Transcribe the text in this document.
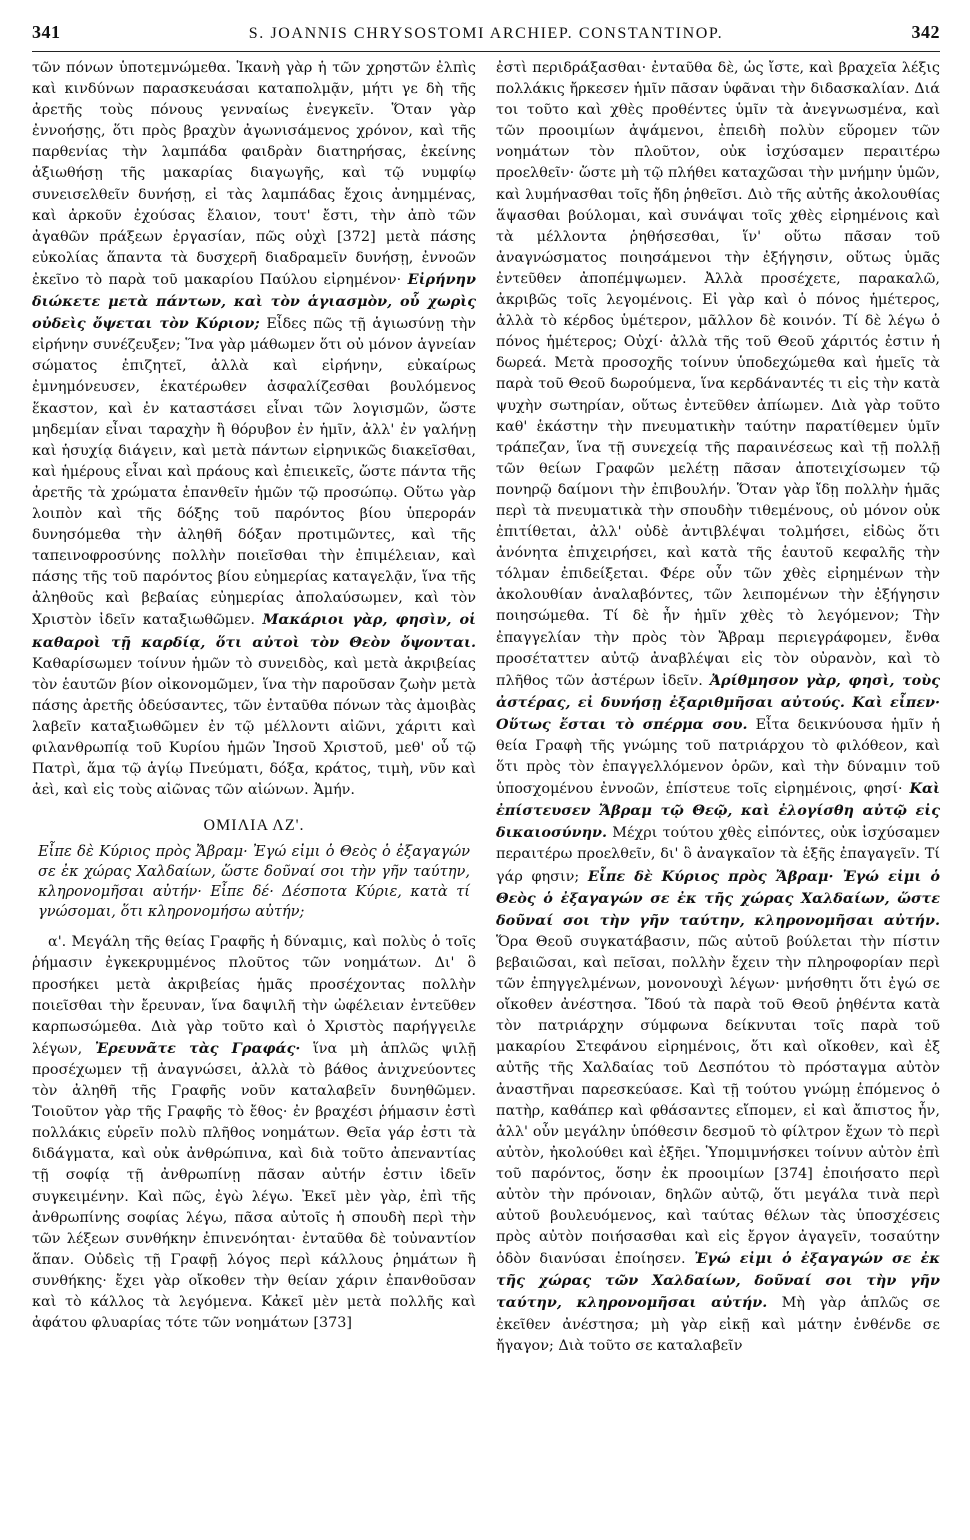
341	S. JOANNIS CHRYSOSTOMI ARCHIEP. CONSTANTINOP.	342

τῶν πόνων ὑποτεμνώμεθα. Ἱκανὴ γὰρ ἡ τῶν χρηστῶν ἐλπὶς καὶ κινδύνων παρασκευάσαι καταπολμᾷν, μήτι γε δὴ τῆς ἀρετῆς τοὺς πόνους γενναίως ἐνεγκεῖν. Ὅταν γὰρ ἐννοήσῃς, ὅτι πρὸς βραχὺν ἀγωνισάμενος χρόνον, καὶ τῆς παρθενίας τὴν λαμπάδα φαιδρὰν διατηρήσας, ἐκείνης ἀξιωθήσῃ τῆς μακαρίας διαγωγῆς, καὶ τῷ νυμφίῳ συνεισελθεῖν δυνήσῃ, εἰ τὰς λαμπάδας ἔχοις ἀνημμένας, καὶ ἀρκοῦν ἐχούσας ἔλαιον, τουτ' ἔστι, τὴν ἀπὸ τῶν ἀγαθῶν πράξεων ἐργασίαν, πῶς οὐχὶ [372] μετὰ πάσης εὐκολίας ἅπαντα τὰ δυσχερῆ διαδραμεῖν δυνήσῃ, ἐννοῶν ἐκεῖνο τὸ παρὰ τοῦ μακαρίου Παύλου εἰρημένον· Εἰρήνην διώκετε μετὰ πάντων, καὶ τὸν ἁγιασμὸν, οὗ χωρὶς οὐδεὶς ὄψεται τὸν Κύριον; Εἶδες πῶς τῇ ἁγιωσύνῃ τὴν εἰρήνην συνέζευξεν; Ἵνα γὰρ μάθωμεν ὅτι οὐ μόνον ἁγνείαν σώματος ἐπιζητεῖ, ἀλλὰ καὶ εἰρήνην, εὐκαίρως ἐμνημόνευσεν, ἑκατέρωθεν ἀσφαλίζεσθαι βουλόμενος ἕκαστον, καὶ ἐν καταστάσει εἶναι τῶν λογισμῶν, ὥστε μηδεμίαν εἶναι ταραχὴν ἢ θόρυβον ἐν ἡμῖν, ἀλλ' ἐν γαλήνῃ καὶ ἡσυχίᾳ διάγειν, καὶ μετὰ πάντων εἰρηνικῶς διακεῖσθαι, καὶ ἡμέρους εἶναι καὶ πράους καὶ ἐπιεικεῖς, ὥστε πάντα τῆς ἀρετῆς τὰ χρώματα ἐπανθεῖν ἡμῶν τῷ προσώπῳ. Οὕτω γὰρ λοιπὸν καὶ τῆς δόξης τοῦ παρόντος βίου ὑπεροράν δυνησόμεθα τὴν ἀληθῆ δόξαν προτιμῶντες, καὶ τῆς ταπεινοφροσύνης πολλὴν ποιεῖσθαι τὴν ἐπιμέλειαν, καὶ πάσης τῆς τοῦ παρόντος βίου εὐημερίας καταγελᾷν, ἵνα τῆς ἀληθοῦς καὶ βεβαίας εὐημερίας ἀπολαύσωμεν, καὶ τὸν Χριστὸν ἰδεῖν καταξιωθῶμεν. Μακάριοι γὰρ, φησὶν, οἱ καθαροὶ τῇ καρδίᾳ, ὅτι αὐτοὶ τὸν Θεὸν ὄψονται. Καθαρίσωμεν τοίνυν ἡμῶν τὸ συνειδὸς, καὶ μετὰ ἀκριβείας τὸν ἑαυτῶν βίον οἰκονομῶμεν, ἵνα τὴν παροῦσαν ζωὴν μετὰ πάσης ἀρετῆς ὁδεύσαντες, τῶν ἐνταῦθα πόνων τὰς ἀμοιβὰς λαβεῖν καταξιωθῶμεν ἐν τῷ μέλλοντι αἰῶνι, χάριτι καὶ φιλανθρωπίᾳ τοῦ Κυρίου ἡμῶν Ἰησοῦ Χριστοῦ, μεθ' οὗ τῷ Πατρὶ, ἅμα τῷ ἁγίῳ Πνεύματι, δόξα, κράτος, τιμὴ, νῦν καὶ ἀεὶ, καὶ εἰς τοὺς αἰῶνας τῶν αἰώνων. Ἀμήν.

ΟΜΙΛΙΑ ΛΖ'.
Εἶπε δὲ Κύριος πρὸς Ἄβραμ· Ἐγώ εἰμι ὁ Θεὸς ὁ ἐξαγαγών σε ἐκ χώρας Χαλδαίων, ὥστε δοῦναί σοι τὴν γῆν ταύτην, κληρονομῆσαι αὐτήν· Εἶπε δέ· Δέσποτα Κύριε, κατὰ τί γνώσομαι, ὅτι κληρονομήσω αὐτήν;

α'. Μεγάλη τῆς θείας Γραφῆς ἡ δύναμις, καὶ πολὺς ὁ τοῖς ῥήμασιν ἐγκεκρυμμένος πλοῦτος τῶν νοημάτων. Δι' ὃ προσήκει μετὰ ἀκριβείας ἡμᾶς προσέχοντας πολλὴν ποιεῖσθαι τὴν ἔρευναν, ἵνα δαψιλῆ τὴν ὠφέλειαν ἐντεῦθεν καρπωσώμεθα. Διὰ γὰρ τοῦτο καὶ ὁ Χριστὸς παρήγγειλε λέγων, Ἐρευνᾶτε τὰς Γραφάς· ἵνα μὴ ἁπλῶς ψιλῇ προσέχωμεν τῇ ἀναγνώσει, ἀλλὰ τὸ βάθος ἀνιχνεύοντες τὸν ἀληθῆ τῆς Γραφῆς νοῦν καταλαβεῖν δυνηθῶμεν. Τοιοῦτον γὰρ τῆς Γραφῆς τὸ ἔθος· ἐν βραχέσι ῥήμασιν ἐστὶ πολλάκις εὑρεῖν πολὺ πλῆθος νοημάτων. Θεῖα γάρ ἐστι τὰ διδάγματα, καὶ οὐκ ἀνθρώπινα, καὶ διὰ τοῦτο ἀπεναντίας τῇ σοφίᾳ τῇ ἀνθρωπίνῃ πᾶσαν αὐτήν ἐστιν ἰδεῖν συγκειμένην. Καὶ πῶς, ἐγὼ λέγω. Ἐκεῖ μὲν γὰρ, ἐπὶ τῆς ἀνθρωπίνης σοφίας λέγω, πᾶσα αὐτοῖς ἡ σπουδὴ περὶ τὴν τῶν λέξεων συνθήκην ἐπινενόηται· ἐνταῦθα δὲ τοὐναντίον ἅπαν. Οὐδεὶς τῇ Γραφῇ λόγος περὶ κάλλους ῥημάτων ἢ συνθήκης· ἔχει γὰρ οἴκοθεν τὴν θείαν χάριν ἐπανθοῦσαν καὶ τὸ κάλλος τὰ λεγόμενα. Κἀκεῖ μὲν μετὰ πολλῆς καὶ ἀφάτου φλυαρίας τότε τῶν νοημάτων [373]

ἐστὶ περιδράξασθαι· ἐνταῦθα δὲ, ὡς ἴστε, καὶ βραχεῖα λέξις πολλάκις ἤρκεσεν ἡμῖν πᾶσαν ὑφᾶναι τὴν διδασκαλίαν. Διά τοι τοῦτο καὶ χθὲς προθέντες ὑμῖν τὰ ἀνεγνωσμένα, καὶ τῶν προοιμίων ἀψάμενοι, ἐπειδὴ πολὺν εὕρομεν τῶν νοημάτων τὸν πλοῦτον, οὐκ ἰσχύσαμεν περαιτέρω προελθεῖν· ὥστε μὴ τῷ πλήθει καταχῶσαι τὴν μνήμην ὑμῶν, καὶ λυμήνασθαι τοῖς ἤδη ῥηθεῖσι. Διὸ τῆς αὐτῆς ἀκολουθίας ἅψασθαι βούλομαι, καὶ συνάψαι τοῖς χθὲς εἰρημένοις καὶ τὰ μέλλοντα ῥηθήσεσθαι, ἵν' οὕτω πᾶσαν τοῦ ἀναγνώσματος ποιησάμενοι τὴν ἐξήγησιν, οὕτως ὑμᾶς ἐντεῦθεν ἀποπέμψωμεν. Ἀλλὰ προσέχετε, παρακαλῶ, ἀκριβῶς τοῖς λεγομένοις. Εἰ γὰρ καὶ ὁ πόνος ἡμέτερος, ἀλλὰ τὸ κέρδος ὑμέτερον, μᾶλλον δὲ κοινόν. Τί δὲ λέγω ὁ πόνος ἡμέτερος; Οὐχί· ἀλλὰ τῆς τοῦ Θεοῦ χάριτός ἐστιν ἡ δωρεά. Μετὰ προσοχῆς τοίνυν ὑποδεχώμεθα καὶ ἡμεῖς τὰ παρὰ τοῦ Θεοῦ δωρούμενα, ἵνα κερδάναντές τι εἰς τὴν κατὰ ψυχὴν σωτηρίαν, οὕτως ἐντεῦθεν ἀπίωμεν. Διὰ γὰρ τοῦτο καθ' ἑκάστην τὴν πνευματικὴν ταύτην παρατίθεμεν ὑμῖν τράπεζαν, ἵνα τῇ συνεχείᾳ τῆς παραινέσεως καὶ τῇ πολλῇ τῶν θείων Γραφῶν μελέτῃ πᾶσαν ἀποτειχίσωμεν τῷ πονηρῷ δαίμονι τὴν ἐπιβουλήν. Ὅταν γὰρ ἴδῃ πολλὴν ἡμᾶς περὶ τὰ πνευματικὰ τὴν σπουδὴν τιθεμένους, οὐ μόνον οὐκ ἐπιτίθεται, ἀλλ' οὐδὲ ἀντιβλέψαι τολμήσει, εἰδὼς ὅτι ἀνόνητα ἐπιχειρήσει, καὶ κατὰ τῆς ἑαυτοῦ κεφαλῆς τὴν τόλμαν ἐπιδείξεται. Φέρε οὖν τῶν χθὲς εἰρημένων τὴν ἀκολουθίαν ἀναλαβόντες, τῶν λειπομένων τὴν ἐξήγησιν ποιησώμεθα. Τί δὲ ἦν ἡμῖν χθὲς τὸ λεγόμενον; Τὴν ἐπαγγελίαν τὴν πρὸς τὸν Ἄβραμ περιεγράφομεν, ἔνθα προσέταττεν αὐτῷ ἀναβλέψαι εἰς τὸν οὐρανὸν, καὶ τὸ πλῆθος τῶν ἀστέρων ἰδεῖν. Ἀρίθμησον γὰρ, φησὶ, τοὺς ἀστέρας, εἰ δυνήσῃ ἐξαριθμῆσαι αὐτούς. Καὶ εἶπεν· Οὕτως ἔσται τὸ σπέρμα σου. Εἶτα δεικνύουσα ἡμῖν ἡ θεία Γραφὴ τῆς γνώμης τοῦ πατριάρχου τὸ φιλόθεον, καὶ ὅτι πρὸς τὸν ἐπαγγελλόμενον ὁρῶν, καὶ τὴν δύναμιν τοῦ ὑποσχομένου ἐννοῶν, ἐπίστευε τοῖς εἰρημένοις, φησί· Καὶ ἐπίστευσεν Ἄβραμ τῷ Θεῷ, καὶ ἐλογίσθη αὐτῷ εἰς δικαιοσύνην. Μέχρι τούτου χθὲς εἰπόντες, οὐκ ἰσχύσαμεν περαιτέρω προελθεῖν, δι' ὃ ἀναγκαῖον τὰ ἑξῆς ἐπαγαγεῖν. Τί γάρ φησιν; Εἶπε δὲ Κύριος πρὸς Ἄβραμ· Ἐγώ εἰμι ὁ Θεὸς ὁ ἐξαγαγών σε ἐκ τῆς χώρας Χαλδαίων, ὥστε δοῦναί σοι τὴν γῆν ταύτην, κληρονομῆσαι αὐτήν. Ὅρα Θεοῦ συγκατάβασιν, πῶς αὐτοῦ βούλεται τὴν πίστιν βεβαιῶσαι, καὶ πεῖσαι, πολλὴν ἔχειν τὴν πληροφορίαν περὶ τῶν ἐπηγγελμένων, μονονουχὶ λέγων· μνήσθητι ὅτι ἐγώ σε οἴκοθεν ἀνέστησα. Ἴδού τὰ παρὰ τοῦ Θεοῦ ῥηθέντα κατὰ τὸν πατριάρχην σύμφωνα δείκνυται τοῖς παρὰ τοῦ μακαρίου Στεφάνου εἰρημένοις, ὅτι καὶ οἴκοθεν, καὶ ἐξ αὐτῆς τῆς Χαλδαίας τοῦ Δεσπότου τὸ πρόσταγμα αὐτὸν ἀναστῆναι παρεσκεύασε. Καὶ τῇ τούτου γνώμῃ ἑπόμενος ὁ πατὴρ, καθάπερ καὶ φθάσαντες εἴπομεν, εἰ καὶ ἄπιστος ἦν, ἀλλ' οὖν μεγάλην ὑπόθεσιν δεσμοῦ τὸ φίλτρον ἔχων τὸ περὶ αὐτὸν, ἠκολούθει καὶ ἐξῆει. Ὑπομιμνήσκει τοίνυν αὐτὸν ἐπὶ τοῦ παρόντος, ὅσην ἐκ προοιμίων [374] ἐποιήσατο περὶ αὐτὸν τὴν πρόνοιαν, δηλῶν αὐτῷ, ὅτι μεγάλα τινὰ περὶ αὐτοῦ βουλευόμενος, καὶ ταύτας θέλων τὰς ὑποσχέσεις πρὸς αὐτὸν ποιήσασθαι καὶ εἰς ἔργον ἀγαγεῖν, τοσαύτην ὁδὸν διανύσαι ἐποίησεν. Ἐγώ εἰμι ὁ ἐξαγαγών σε ἐκ τῆς χώρας τῶν Χαλδαίων, δοῦναί σοι τὴν γῆν ταύτην, κληρονομῆσαι αὐτήν. Μὴ γὰρ ἁπλῶς σε ἐκεῖθεν ἀνέστησα; μὴ γὰρ εἰκῇ καὶ μάτην ἐνθένδε σε ἤγαγον; Διὰ τοῦτο σε καταλαβεῖν
